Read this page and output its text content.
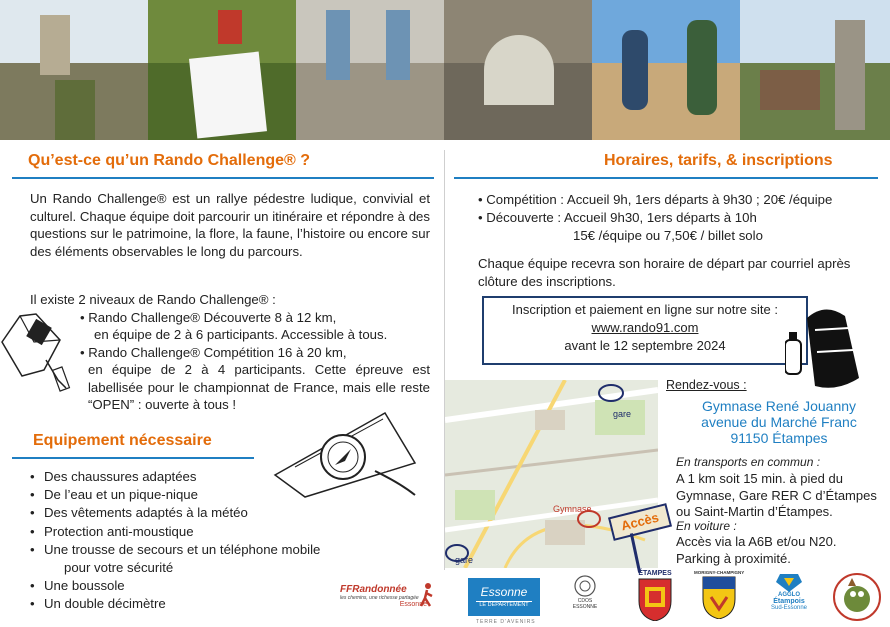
Qu’est-ce qu’un Rando Challenge® ?
Un Rando Challenge® est un rallye pédestre ludique, convivial et culturel. Chaque équipe doit parcourir un itinéraire et répondre à des questions sur le patrimoine, la flore, la faune, l’histoire ou encore sur des éléments observables le long du parcours.
Il existe 2 niveaux de Rando Challenge® :
• Rando Challenge® Découverte 8 à 12 km,
en équipe de 2 à 6 participants. Accessible à tous.
• Rando Challenge® Compétition 16 à 20 km,
en équipe de 2 à 4 participants. Cette épreuve est labellisée pour le championnat de France, mais elle reste “OPEN” : ouverte à tous !
Equipement nécessaire
• Des chaussures adaptées
• De l’eau et un pique-nique
• Des vêtements adaptés à la météo
• Protection anti-moustique
• Une trousse de secours et un téléphone mobile
pour votre sécurité
• Une boussole
• Un double décimètre
Horaires, tarifs, & inscriptions
• Compétition : Accueil 9h, 1ers départs à 9h30 ; 20€ /équipe
• Découverte : Accueil 9h30, 1ers départs à 10h
15€ /équipe ou 7,50€ / billet solo
Chaque équipe recevra son horaire de départ par courriel après clôture des inscriptions.
Inscription et paiement en ligne sur notre site :
www.rando91.com
avant le 12 septembre 2024
gare
Gymnase
gare
Accès
Rendez-vous :
Gymnase René Jouanny
avenue du Marché Franc
91150 Étampes
En transports en commun :
A 1 km soit 15 min. à pied du Gymnase, Gare RER C d’Étampes ou Saint-Martin d’Étampes.
En voiture :
Accès via la A6B et/ou N20. Parking à proximité.
FFRandonnée
les chemins, une richesse partagée
Essonne
Essonne
LE DÉPARTEMENT
TERRE D’AVENIRS
CDOS
ESSONNE
ÉTAMPES	MORIGNY-CHAMPIGNY
AGGLO
Étampois
Sud-Essonne
